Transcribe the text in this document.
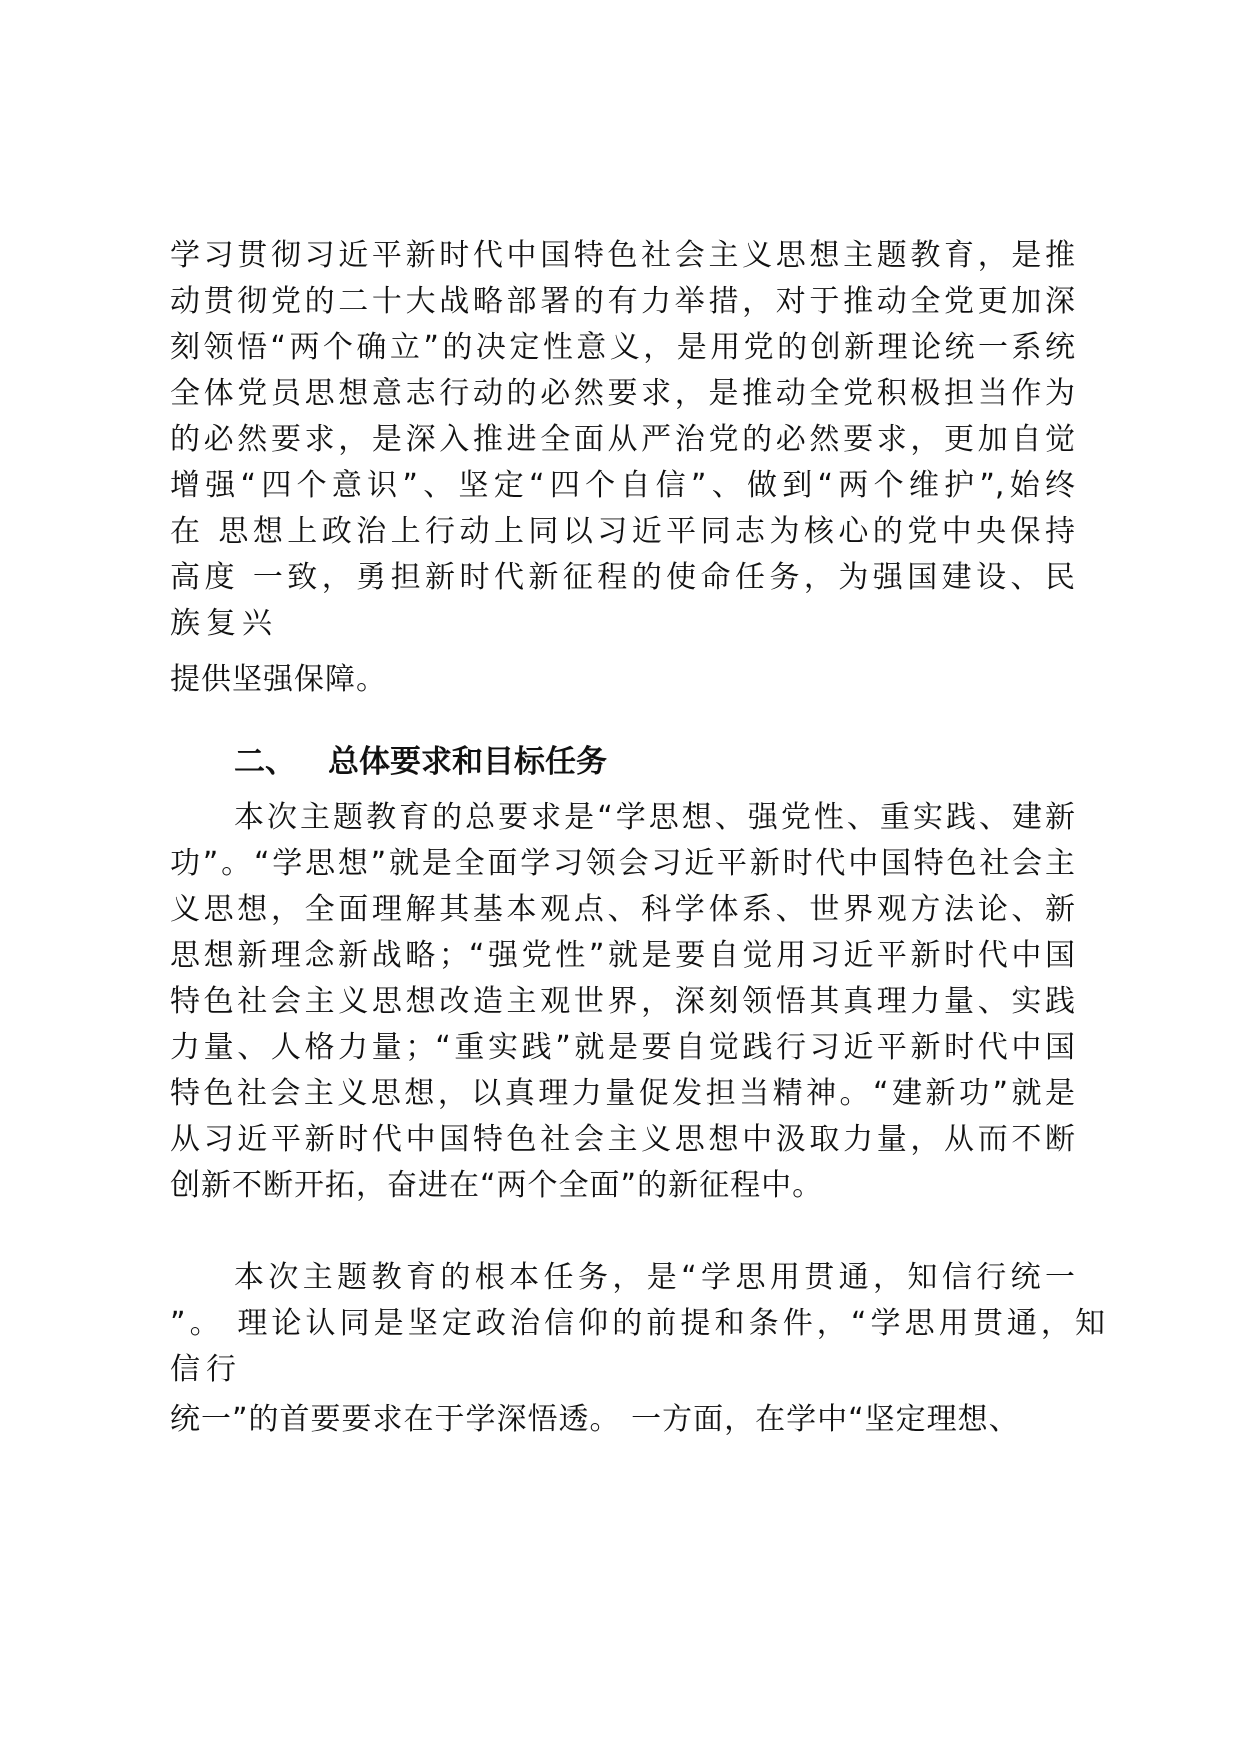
学习贯彻习近平新时代中国特色社会主义思想主题教育，是推
动贯彻党的二十大战略部署的有力举措，对于推动全党更加深
刻领悟“两个确立”的决定性意义，是用党的创新理论统一系统
全体党员思想意志行动的必然要求，是推动全党积极担当作为
的必然要求，是深入推进全面从严治党的必然要求，更加自觉
增强“四个意识”、坚定“四个自信”、做到“两个维护”,始终
在 思想上政治上行动上同以习近平同志为核心的党中央保持
高度 一致，勇担新时代新征程的使命任务，为强国建设、民
族复兴
提供坚强保障。
二、 总体要求和目标任务
本次主题教育的总要求是“学思想、强党性、重实践、建新
功”。“学思想”就是全面学习领会习近平新时代中国特色社会主
义思想，全面理解其基本观点、科学体系、世界观方法论、新
思想新理念新战略；“强党性”就是要自觉用习近平新时代中国
特色社会主义思想改造主观世界，深刻领悟其真理力量、实践
力量、人格力量；“重实践”就是要自觉践行习近平新时代中国
特色社会主义思想，以真理力量促发担当精神。“建新功”就是
从习近平新时代中国特色社会主义思想中汲取力量，从而不断
创新不断开拓，奋进在“两个全面”的新征程中。
本次主题教育的根本任务，是“学思用贯通，知信行统一
”。 理论认同是坚定政治信仰的前提和条件，“学思用贯通，知
信行
统一”的首要要求在于学深悟透。 一方面，在学中“坚定理想、
